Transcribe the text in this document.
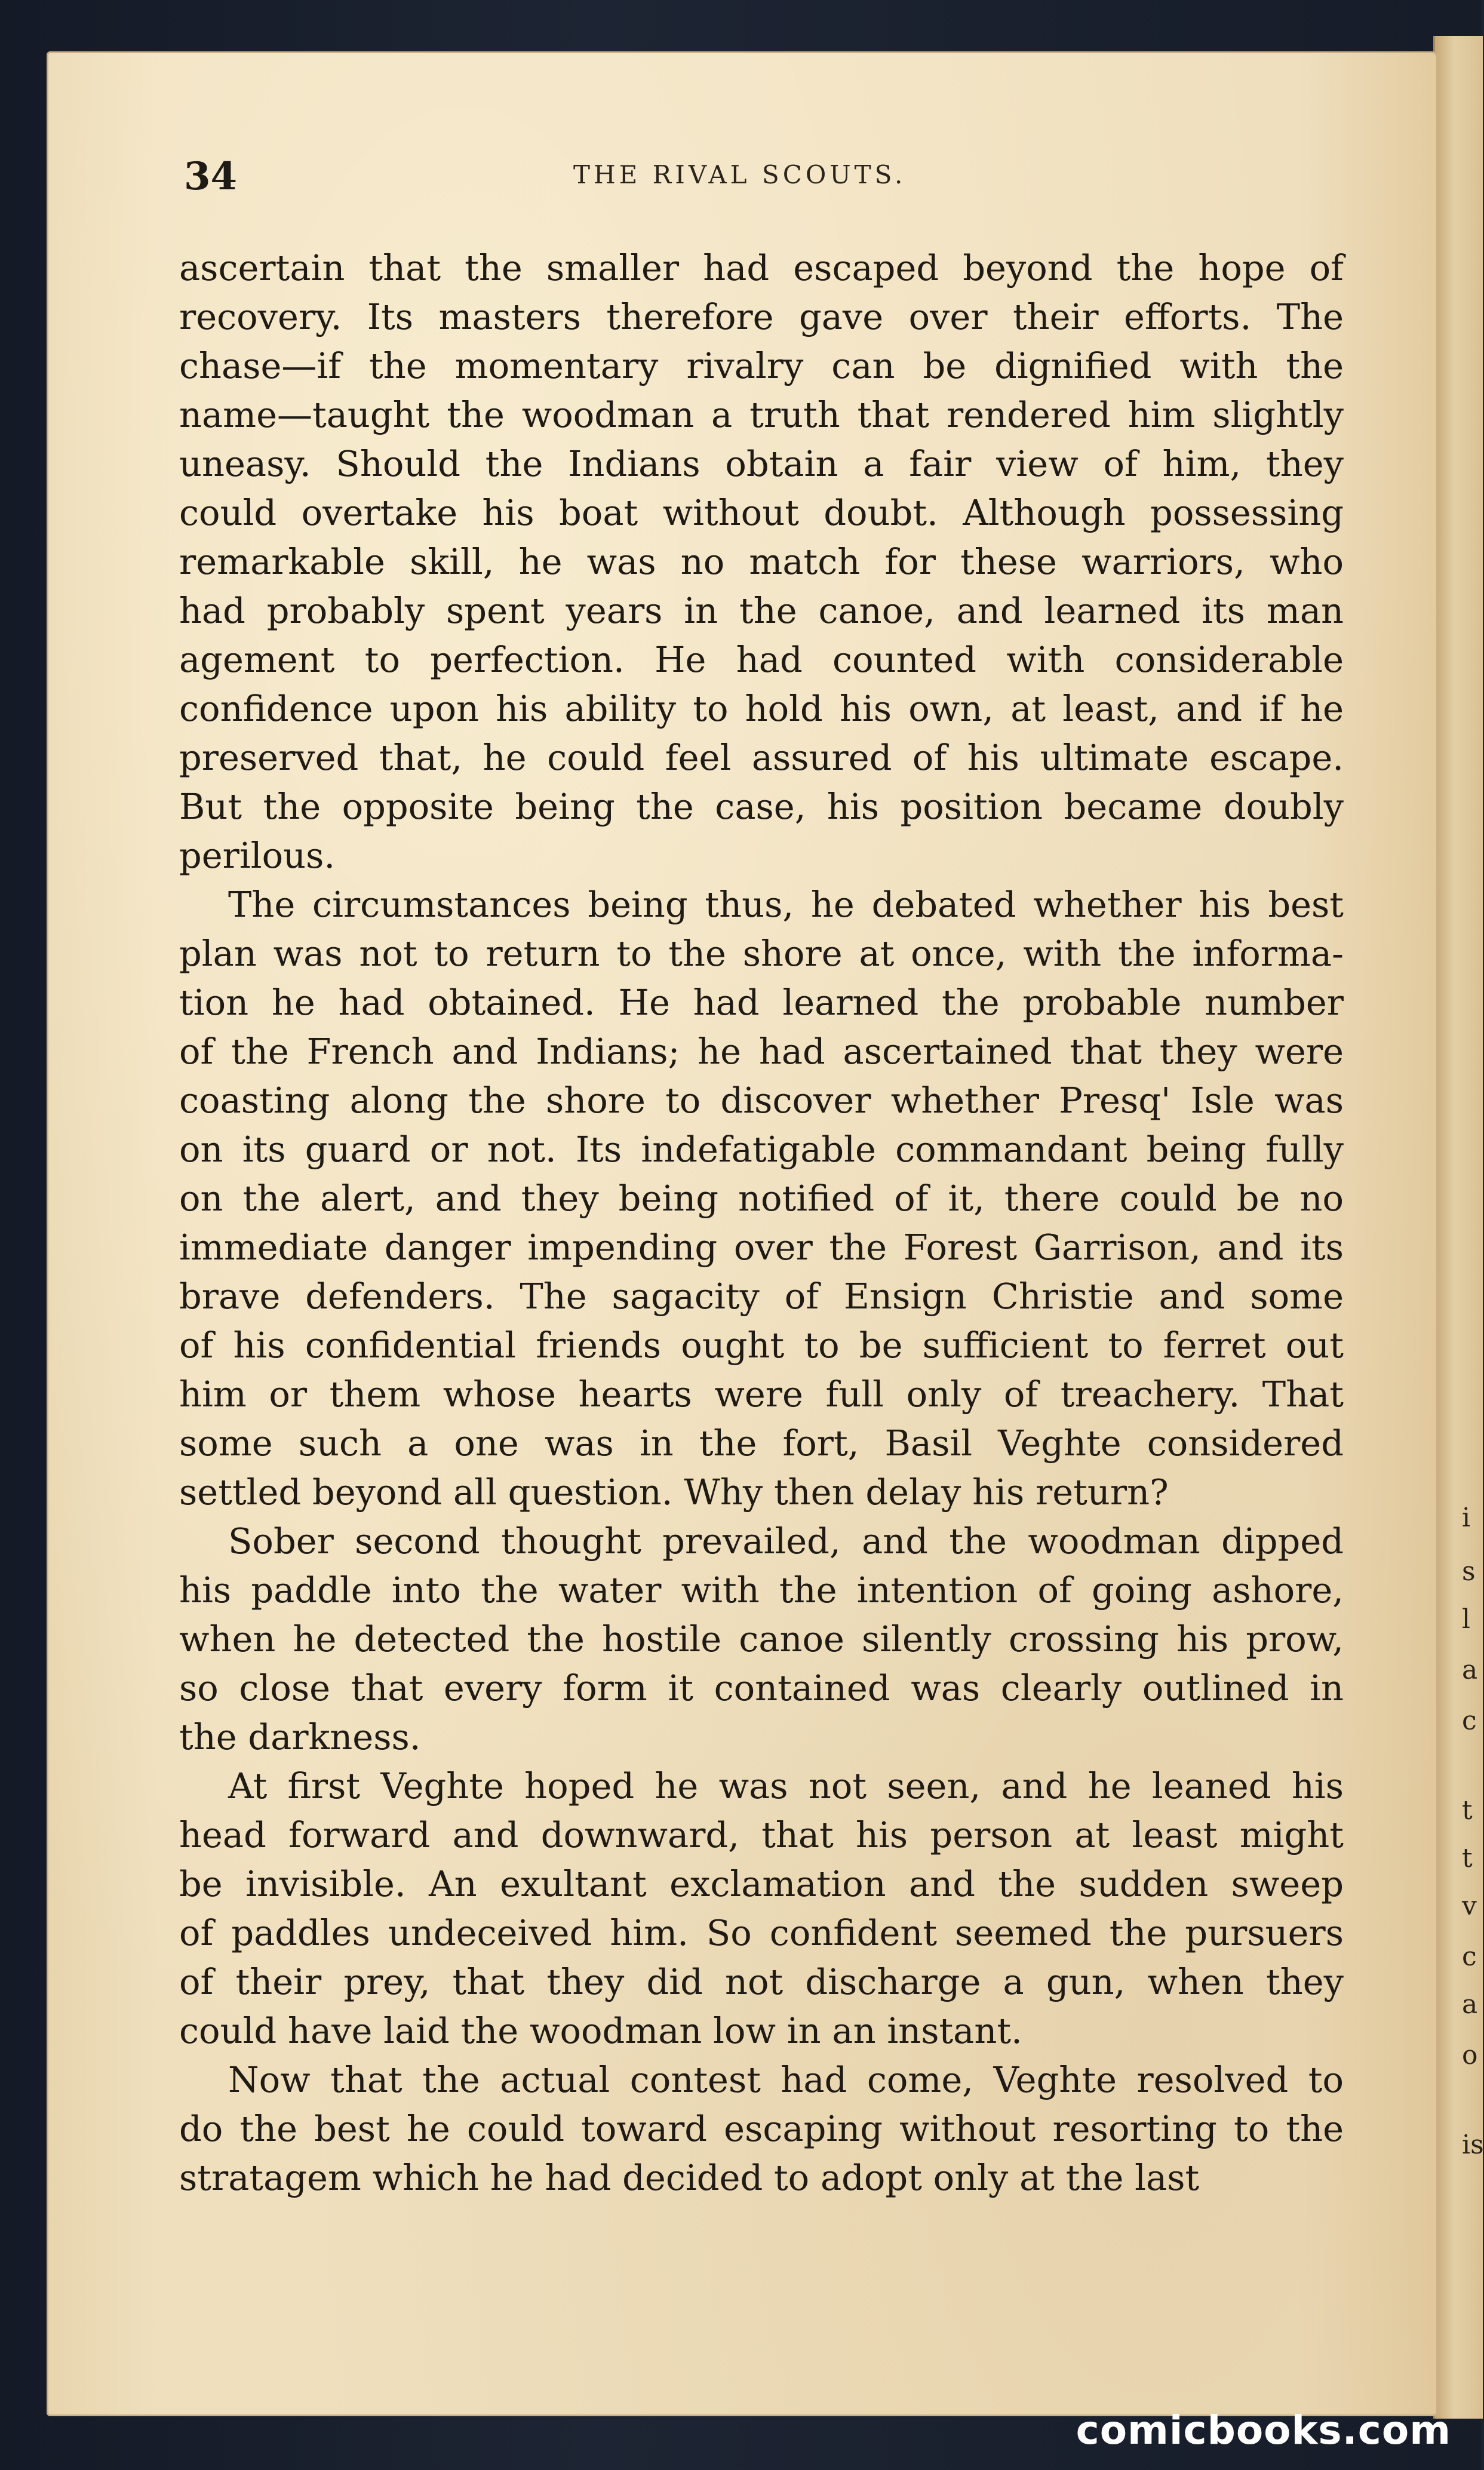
i
s
l
a
c
t
t
v
c
a
o
is
34	THE RIVAL SCOUTS.
ascertain that the smaller had escaped beyond the hope of
recovery. Its masters therefore gave over their efforts. The
chase—if the momentary rivalry can be dignified with the
name—taught the woodman a truth that rendered him slightly
uneasy. Should the Indians obtain a fair view of him, they
could overtake his boat without doubt. Although possessing
remarkable skill, he was no match for these warriors, who
had probably spent years in the canoe, and learned its man
agement to perfection. He had counted with considerable
confidence upon his ability to hold his own, at least, and if he
preserved that, he could feel assured of his ultimate escape.
But the opposite being the case, his position became doubly
perilous.
The circumstances being thus, he debated whether his best
plan was not to return to the shore at once, with the informa-
tion he had obtained. He had learned the probable number
of the French and Indians; he had ascertained that they were
coasting along the shore to discover whether Presq' Isle was
on its guard or not. Its indefatigable commandant being fully
on the alert, and they being notified of it, there could be no
immediate danger impending over the Forest Garrison, and its
brave defenders. The sagacity of Ensign Christie and some
of his confidential friends ought to be sufficient to ferret out
him or them whose hearts were full only of treachery. That
some such a one was in the fort, Basil Veghte considered
settled beyond all question. Why then delay his return?
Sober second thought prevailed, and the woodman dipped
his paddle into the water with the intention of going ashore,
when he detected the hostile canoe silently crossing his prow,
so close that every form it contained was clearly outlined in
the darkness.
At first Veghte hoped he was not seen, and he leaned his
head forward and downward, that his person at least might
be invisible. An exultant exclamation and the sudden sweep
of paddles undeceived him. So confident seemed the pursuers
of their prey, that they did not discharge a gun, when they
could have laid the woodman low in an instant.
Now that the actual contest had come, Veghte resolved to
do the best he could toward escaping without resorting to the
stratagem which he had decided to adopt only at the last
comicbooks.com
